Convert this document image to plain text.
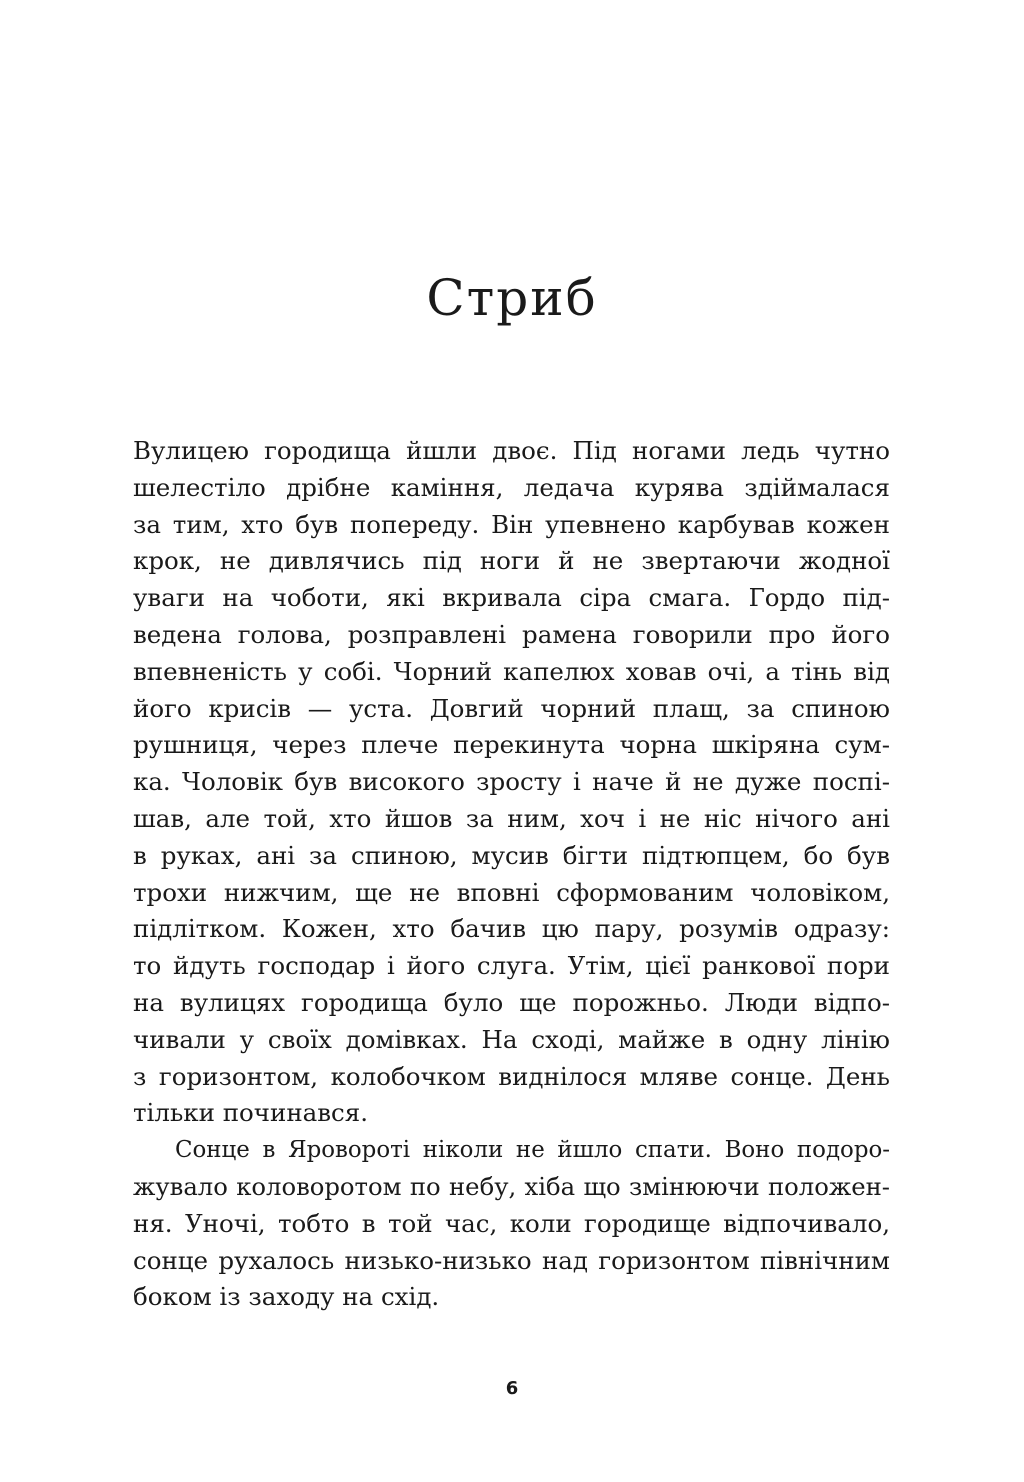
Стриб
Вулицею городища йшли двоє. Під ногами ледь чутно
шелестіло дрібне каміння, ледача курява здіймалася
за тим, хто був попереду. Він упевнено карбував кожен
крок, не дивлячись під ноги й не звертаючи жодної
уваги на чоботи, які вкривала сіра смага. Гордо під-
ведена голова, розправлені рамена говорили про його
впевненість у собі. Чорний капелюх ховав очі, а тінь від
його крисів — уста. Довгий чорний плащ, за спиною
рушниця, через плече перекинута чорна шкіряна сум-
ка. Чоловік був високого зросту і наче й не дуже поспі-
шав, але той, хто йшов за ним, хоч і не ніс нічого ані
в руках, ані за спиною, мусив бігти підтюпцем, бо був
трохи нижчим, ще не вповні сформованим чоловіком,
підлітком. Кожен, хто бачив цю пару, розумів одразу:
то йдуть господар і його слуга. Утім, цієї ранкової пори
на вулицях городища було ще порожньо. Люди відпо-
чивали у своїх домівках. На сході, майже в одну лінію
з горизонтом, колобочком виднілося мляве сонце. День
тільки починався.
Сонце в Яровороті ніколи не йшло спати. Воно подоро-
жувало коловоротом по небу, хіба що змінюючи положен-
ня. Уночі, тобто в той час, коли городище відпочивало,
сонце рухалось низько-низько над горизонтом північним
боком із заходу на схід.
6
